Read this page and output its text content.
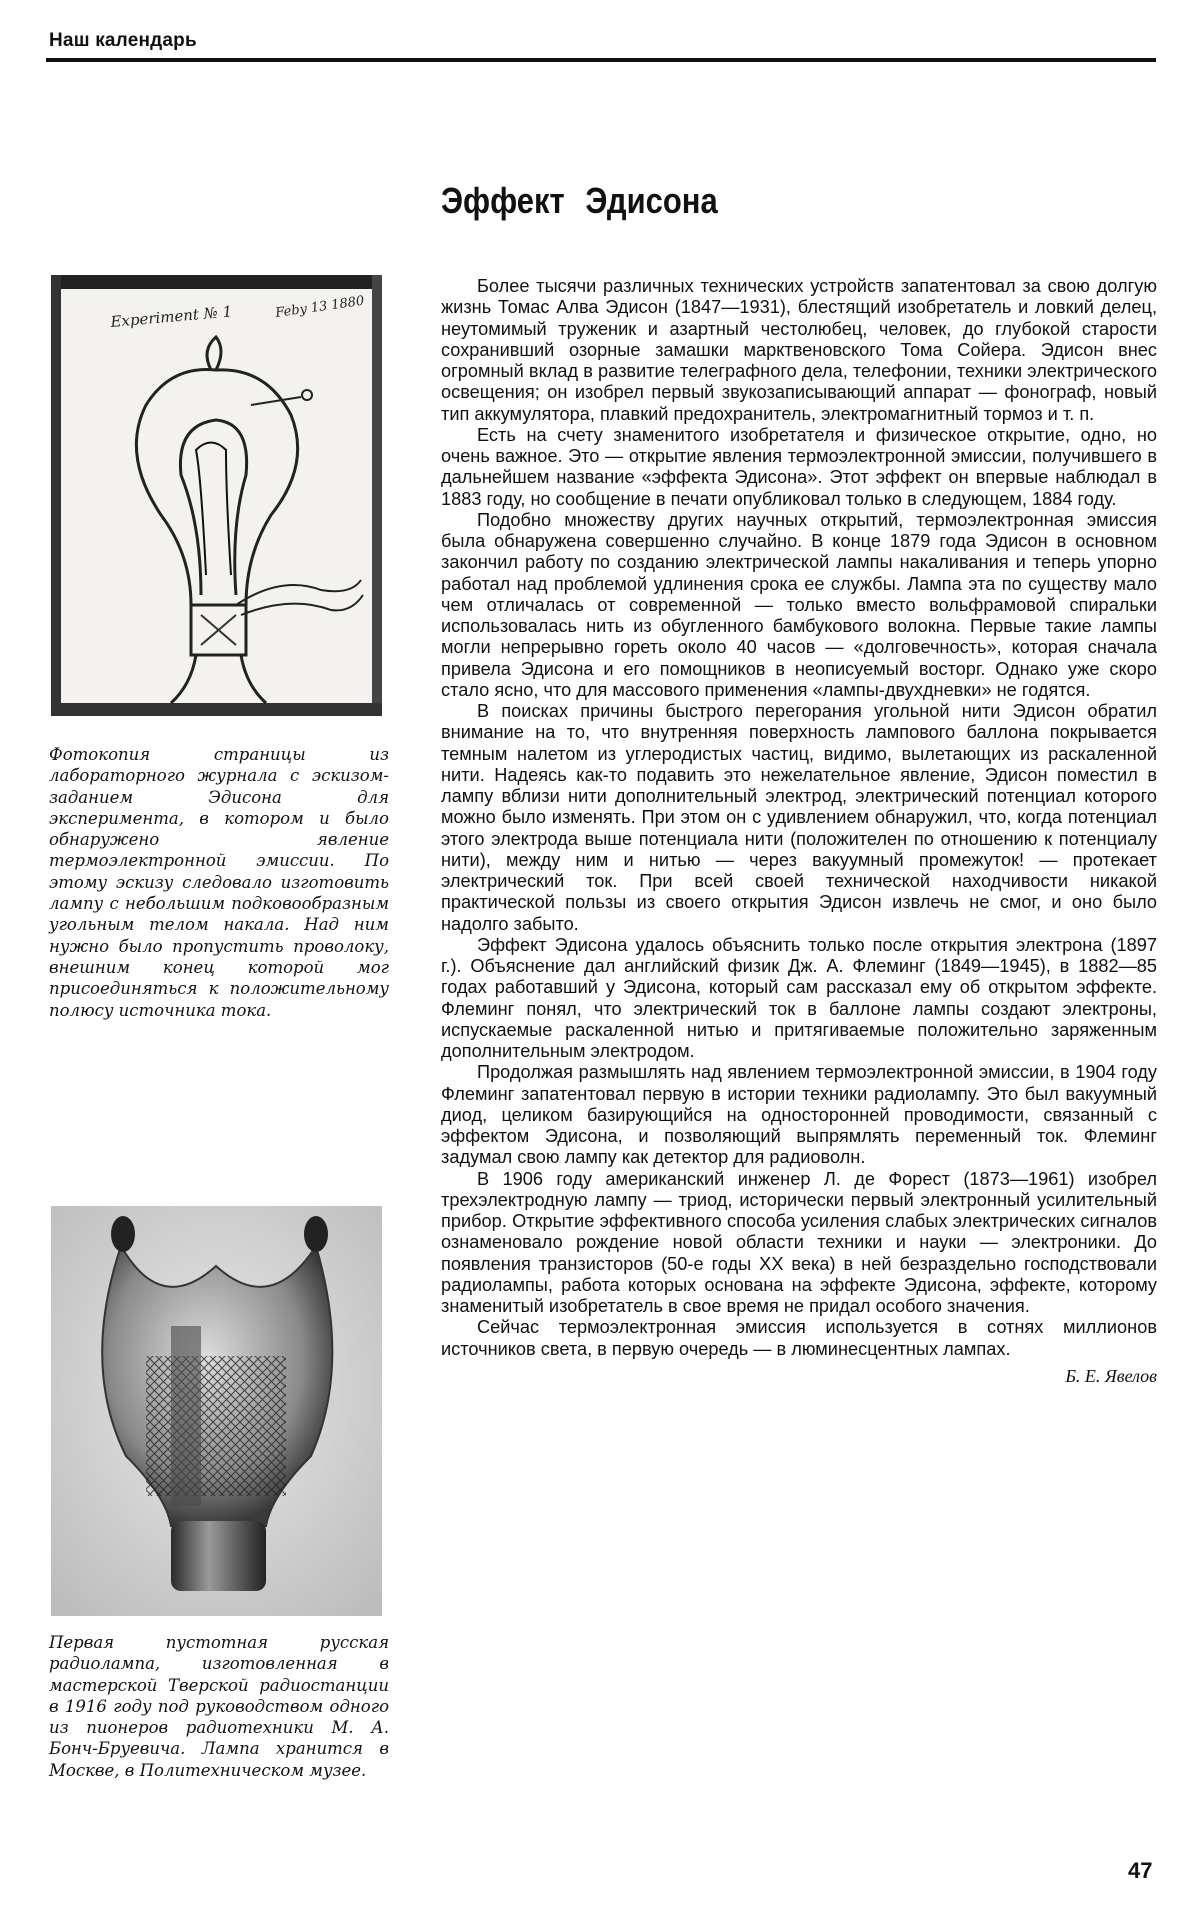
Наш календарь
Эффект Эдисона
Experiment № 1	Feby 13 1880
Фотокопия страницы из лабораторного журнала с эскизом-заданием Эдисона для эксперимента, в котором и было обнаружено явление термоэлектронной эмиссии. По этому эскизу следовало изготовить лампу с небольшим подковообразным угольным телом накала. Над ним нужно было пропустить проволоку, внешним конец которой мог присоединяться к положительному полюсу источника тока.
Первая пустотная русская радиолампа, изготовленная в мастерской Тверской радиостанции в 1916 году под руководством одного из пионеров радиотехники М. А. Бонч-Бруевича. Лампа хранится в Москве, в Политехническом музее.

Более тысячи различных технических устройств запатентовал за свою долгую жизнь Томас Алва Эдисон (1847—1931), блестящий изобретатель и ловкий делец, неутомимый труженик и азартный честолюбец, человек, до глубокой старости сохранивший озорные замашки марктвеновского Тома Сойера. Эдисон внес огромный вклад в развитие телеграфного дела, телефонии, техники электрического освещения; он изобрел первый звукозаписывающий аппарат — фонограф, новый тип аккумулятора, плавкий предохранитель, электромагнитный тормоз и т. п.

Есть на счету знаменитого изобретателя и физическое открытие, одно, но очень важное. Это — открытие явления термоэлектронной эмиссии, получившего в дальнейшем название «эффекта Эдисона». Этот эффект он впервые наблюдал в 1883 году, но сообщение в печати опубликовал только в следующем, 1884 году.

Подобно множеству других научных открытий, термоэлектронная эмиссия была обнаружена совершенно случайно. В конце 1879 года Эдисон в основном закончил работу по созданию электрической лампы накаливания и теперь упорно работал над проблемой удлинения срока ее службы. Лампа эта по существу мало чем отличалась от современной — только вместо вольфрамовой спиральки использовалась нить из обугленного бамбукового волокна. Первые такие лампы могли непрерывно гореть около 40 часов — «долговечность», которая сначала привела Эдисона и его помощников в неописуемый восторг. Однако уже скоро стало ясно, что для массового применения «лампы-двухдневки» не годятся.

В поисках причины быстрого перегорания угольной нити Эдисон обратил внимание на то, что внутренняя поверхность лампового баллона покрывается темным налетом из углеродистых частиц, видимо, вылетающих из раскаленной нити. Надеясь как-то подавить это нежелательное явление, Эдисон поместил в лампу вблизи нити дополнительный электрод, электрический потенциал которого можно было изменять. При этом он с удивлением обнаружил, что, когда потенциал этого электрода выше потенциала нити (положителен по отношению к потенциалу нити), между ним и нитью — через вакуумный промежуток! — протекает электрический ток. При всей своей технической находчивости никакой практической пользы из своего открытия Эдисон извлечь не смог, и оно было надолго забыто.

Эффект Эдисона удалось объяснить только после открытия электрона (1897 г.). Объяснение дал английский физик Дж. А. Флеминг (1849—1945), в 1882—85 годах работавший у Эдисона, который сам рассказал ему об открытом эффекте. Флеминг понял, что электрический ток в баллоне лампы создают электроны, испускаемые раскаленной нитью и притягиваемые положительно заряженным дополнительным электродом.

Продолжая размышлять над явлением термоэлектронной эмиссии, в 1904 году Флеминг запатентовал первую в истории техники радиолампу. Это был вакуумный диод, целиком базирующийся на односторонней проводимости, связанный с эффектом Эдисона, и позволяющий выпрямлять переменный ток. Флеминг задумал свою лампу как детектор для радиоволн.

В 1906 году американский инженер Л. де Форест (1873—1961) изобрел трехэлектродную лампу — триод, исторически первый электронный усилительный прибор. Открытие эффективного способа усиления слабых электрических сигналов ознаменовало рождение новой области техники и науки — электроники. До появления транзисторов (50-е годы XX века) в ней безраздельно господствовали радиолампы, работа которых основана на эффекте Эдисона, эффекте, которому знаменитый изобретатель в свое время не придал особого значения.

Сейчас термоэлектронная эмиссия используется в сотнях миллионов источников света, в первую очередь — в люминесцентных лампах.

Б. Е. Явелов
47
